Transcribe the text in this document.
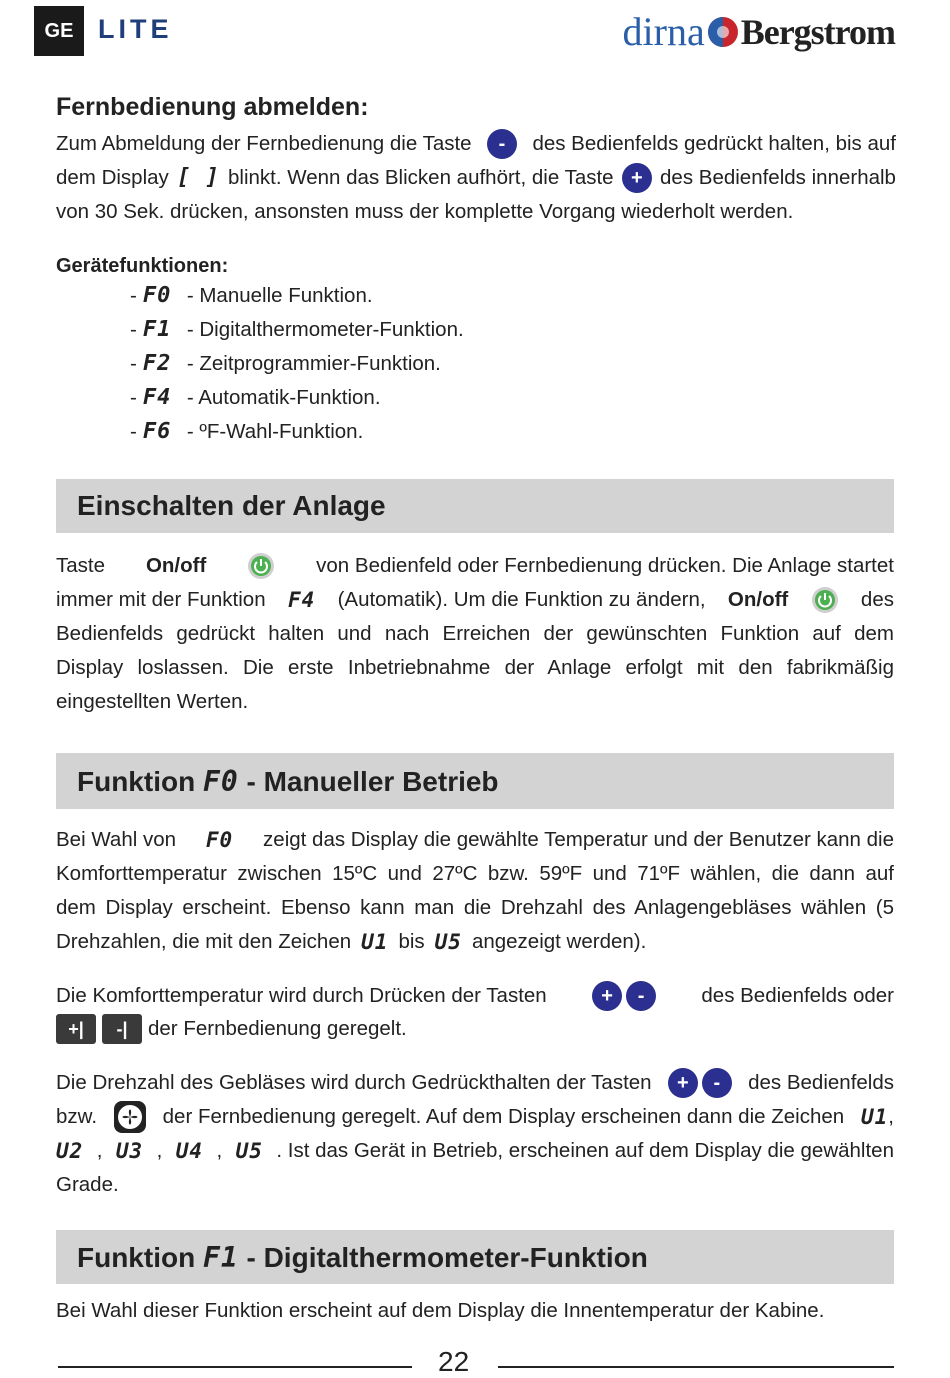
GE LITE	dirna Bergstrom
Fernbedienung abmelden:
Zum Abmeldung der Fernbedienung die Taste	-	des Bedienfelds gedrückt halten, bis auf
dem Display [ ] blinkt. Wenn das Blicken aufhört, die Taste + des Bedienfelds innerhalb
von 30 Sek. drücken, ansonsten muss der komplette Vorgang wiederholt werden.
Gerätefunktionen:
- F0 - Manuelle Funktion.
- F1 - Digitalthermometer-Funktion.
- F2 - Zeitprogrammier-Funktion.
- F4 - Automatik-Funktion.
- F6 - ºF-Wahl-Funktion.
Einschalten der Anlage
Taste On/off	von Bedienfeld oder Fernbedienung drücken. Die Anlage startet
immer mit der Funktion F4 (Automatik). Um die Funktion zu ändern, On/off	des
Bedienfelds gedrückt halten und nach Erreichen der gewünschten Funktion auf dem
Display loslassen. Die erste Inbetriebnahme der Anlage erfolgt mit den fabrikmäßig
eingestellten Werten.
Funktion
F0
- Manueller Betrieb
Bei Wahl von F0 zeigt das Display die gewählte Temperatur und der Benutzer kann die
Komforttemperatur zwischen 15ºC und 27ºC bzw. 59ºF und 71ºF wählen, die dann auf
dem Display erscheint. Ebenso kann man die Drehzahl des Anlagengebläses wählen (5
Drehzahlen, die mit den Zeichen U1 bis U5 angezeigt werden).
Die Komforttemperatur wird durch Drücken der Tasten	+	-	des Bedienfelds oder
+|	-| der Fernbedienung geregelt.
Die Drehzahl des Gebläses wird durch Gedrückthalten der Tasten	+	-	des Bedienfelds
bzw.	der Fernbedienung geregelt. Auf dem Display erscheinen dann die Zeichen U1 ,
U2 , U3 , U4 , U5 . Ist das Gerät in Betrieb, erscheinen auf dem Display die gewählten
Grade.
Funktion
F1
- Digitalthermometer-Funktion
Bei Wahl dieser Funktion erscheint auf dem Display die Innentemperatur der Kabine.
22
